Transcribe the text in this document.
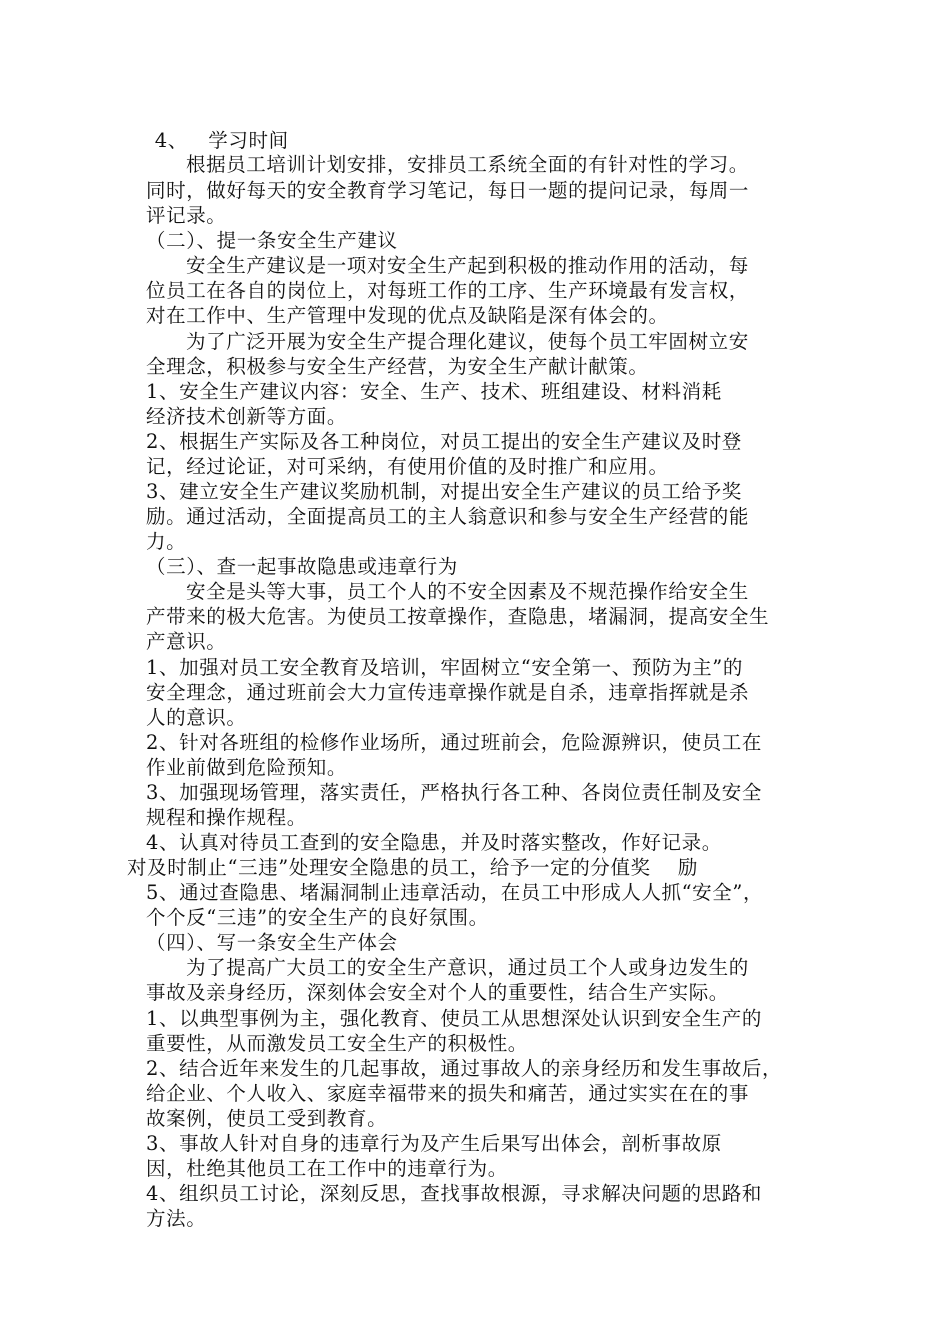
4、   学习时间
根据员工培训计划安排，安排员工系统全面的有针对性的学习。
同时，做好每天的安全教育学习笔记，每日一题的提问记录，每周一
评记录。
（二）、提一条安全生产建议
安全生产建议是一项对安全生产起到积极的推动作用的活动，每
位员工在各自的岗位上，对每班工作的工序、生产环境最有发言权，
对在工作中、生产管理中发现的优点及缺陷是深有体会的。
为了广泛开展为安全生产提合理化建议，使每个员工牢固树立安
全理念，积极参与安全生产经营，为安全生产献计献策。
1、安全生产建议内容：安全、生产、技术、班组建设、材料消耗
经济技术创新等方面。
2、根据生产实际及各工种岗位，对员工提出的安全生产建议及时登
记，经过论证，对可采纳，有使用价值的及时推广和应用。
3、建立安全生产建议奖励机制，对提出安全生产建议的员工给予奖
励。通过活动，全面提高员工的主人翁意识和参与安全生产经营的能
力。
（三）、查一起事故隐患或违章行为
安全是头等大事，员工个人的不安全因素及不规范操作给安全生
产带来的极大危害。为使员工按章操作，查隐患，堵漏洞，提高安全生
产意识。
1、加强对员工安全教育及培训，牢固树立“安全第一、预防为主”的
安全理念，通过班前会大力宣传违章操作就是自杀，违章指挥就是杀
人的意识。
2、针对各班组的检修作业场所，通过班前会，危险源辨识，使员工在
作业前做到危险预知。
3、加强现场管理，落实责任，严格执行各工种、各岗位责任制及安全
规程和操作规程。
4、认真对待员工查到的安全隐患，并及时落实整改，作好记录。
对及时制止“三违”处理安全隐患的员工，给予一定的分值奖    励
5、通过查隐患、堵漏洞制止违章活动，在员工中形成人人抓“安全”，
个个反“三违”的安全生产的良好氛围。
（四）、写一条安全生产体会
为了提高广大员工的安全生产意识，通过员工个人或身边发生的
事故及亲身经历，深刻体会安全对个人的重要性，结合生产实际。
1、以典型事例为主，强化教育、使员工从思想深处认识到安全生产的
重要性，从而激发员工安全生产的积极性。
2、结合近年来发生的几起事故，通过事故人的亲身经历和发生事故后，
给企业、个人收入、家庭幸福带来的损失和痛苦，通过实实在在的事
故案例，使员工受到教育。
3、事故人针对自身的违章行为及产生后果写出体会，剖析事故原
因，杜绝其他员工在工作中的违章行为。
4、组织员工讨论，深刻反思，查找事故根源，寻求解决问题的思路和
方法。
